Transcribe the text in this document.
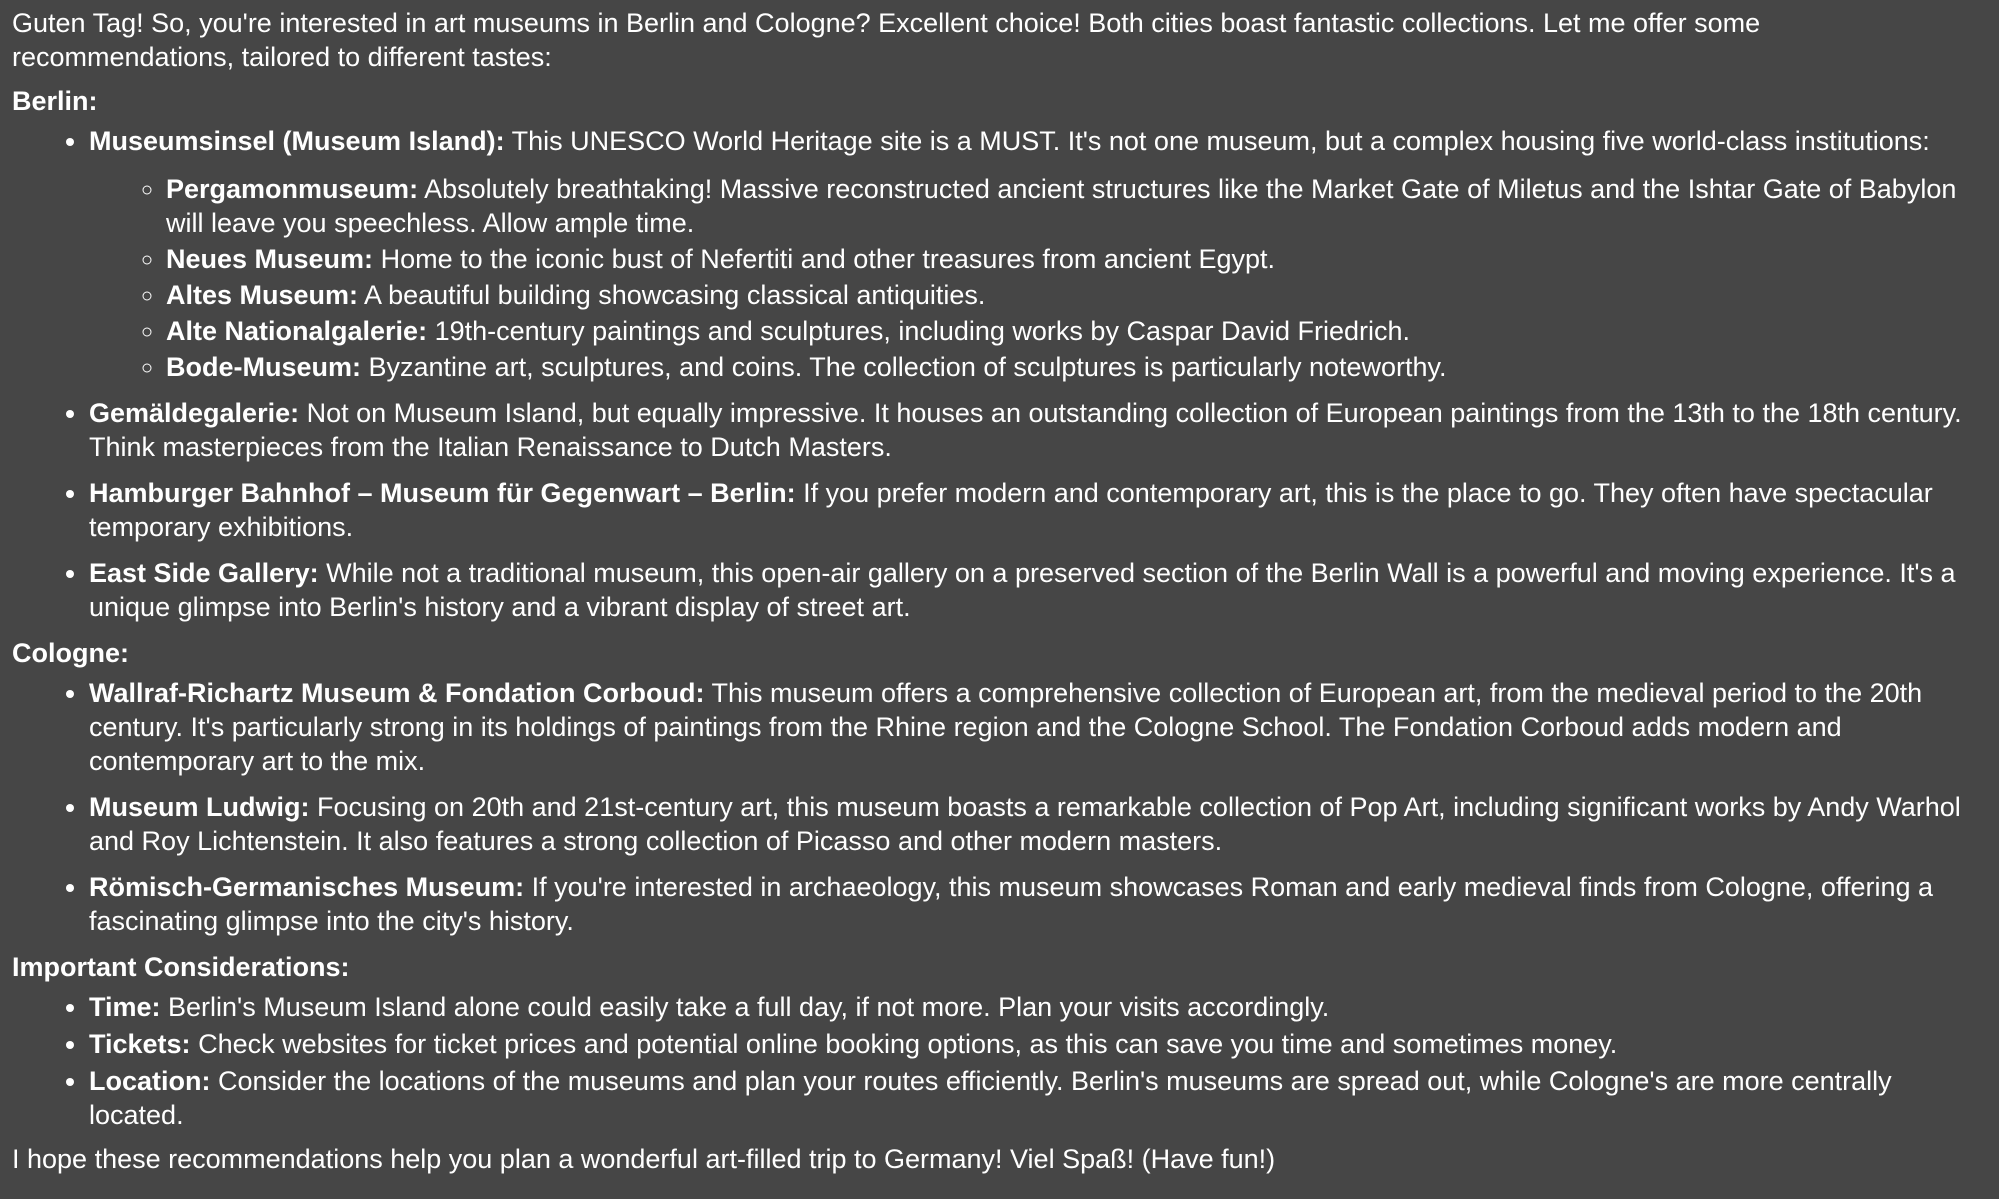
Guten Tag! So, you're interested in art museums in Berlin and Cologne? Excellent choice! Both cities boast fantastic collections. Let me offer some recommendations, tailored to different tastes:

Berlin:

• Museumsinsel (Museum Island): This UNESCO World Heritage site is a MUST. It's not one museum, but a complex housing five world-class institutions:
◦ Pergamonmuseum: Absolutely breathtaking! Massive reconstructed ancient structures like the Market Gate of Miletus and the Ishtar Gate of Babylon will leave you speechless. Allow ample time.
◦ Neues Museum: Home to the iconic bust of Nefertiti and other treasures from ancient Egypt.
◦ Altes Museum: A beautiful building showcasing classical antiquities.
◦ Alte Nationalgalerie: 19th-century paintings and sculptures, including works by Caspar David Friedrich.
◦ Bode-Museum: Byzantine art, sculptures, and coins. The collection of sculptures is particularly noteworthy.
• Gemäldegalerie: Not on Museum Island, but equally impressive. It houses an outstanding collection of European paintings from the 13th to the 18th century. Think masterpieces from the Italian Renaissance to Dutch Masters.
• Hamburger Bahnhof – Museum für Gegenwart – Berlin: If you prefer modern and contemporary art, this is the place to go. They often have spectacular temporary exhibitions.
• East Side Gallery: While not a traditional museum, this open-air gallery on a preserved section of the Berlin Wall is a powerful and moving experience. It's a unique glimpse into Berlin's history and a vibrant display of street art.

Cologne:

• Wallraf-Richartz Museum & Fondation Corboud: This museum offers a comprehensive collection of European art, from the medieval period to the 20th century. It's particularly strong in its holdings of paintings from the Rhine region and the Cologne School. The Fondation Corboud adds modern and contemporary art to the mix.
• Museum Ludwig: Focusing on 20th and 21st-century art, this museum boasts a remarkable collection of Pop Art, including significant works by Andy Warhol and Roy Lichtenstein. It also features a strong collection of Picasso and other modern masters.
• Römisch-Germanisches Museum: If you're interested in archaeology, this museum showcases Roman and early medieval finds from Cologne, offering a fascinating glimpse into the city's history.

Important Considerations:

• Time: Berlin's Museum Island alone could easily take a full day, if not more. Plan your visits accordingly.
• Tickets: Check websites for ticket prices and potential online booking options, as this can save you time and sometimes money.
• Location: Consider the locations of the museums and plan your routes efficiently. Berlin's museums are spread out, while Cologne's are more centrally located.

I hope these recommendations help you plan a wonderful art-filled trip to Germany! Viel Spaß! (Have fun!)
